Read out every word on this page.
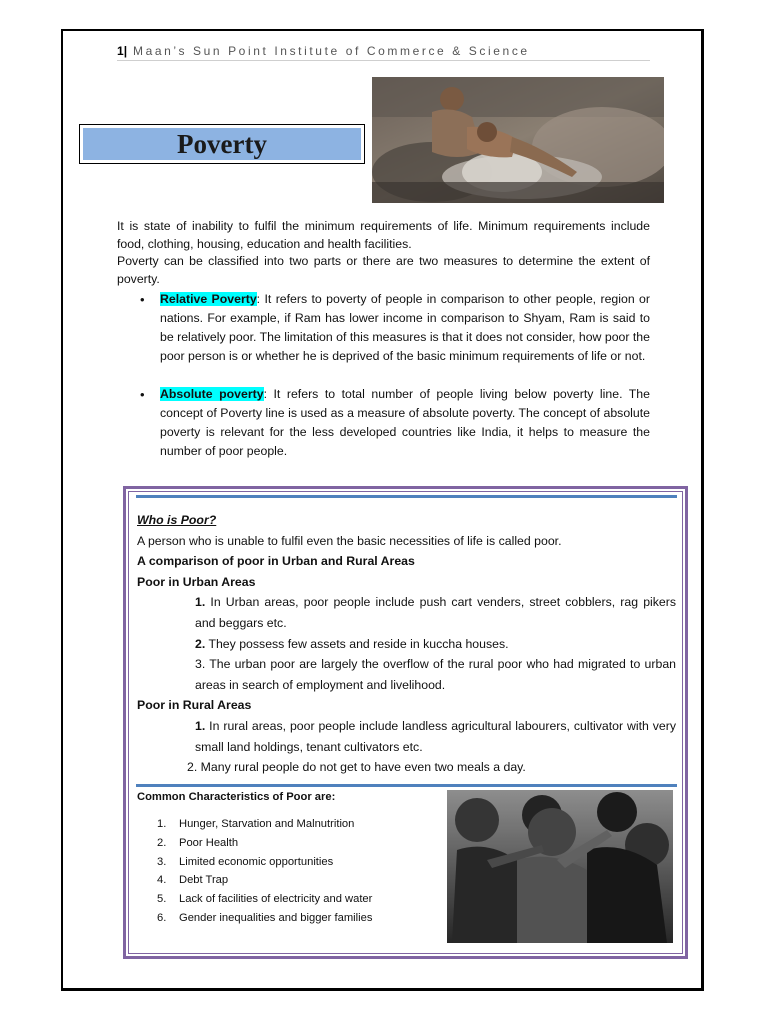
1| Maan’s Sun Point Institute of Commerce & Science
Poverty

It is state of inability to fulfil the minimum requirements of life. Minimum requirements include food, clothing, housing, education and health facilities.

Poverty can be classified into two parts or there are two measures to determine the extent of poverty.

• Relative Poverty: It refers to poverty of people in comparison to other people, region or nations. For example, if Ram has lower income in comparison to Shyam, Ram is said to be relatively poor. The limitation of this measures is that it does not consider, how poor the poor person is or whether he is deprived of the basic minimum requirements of life or not.
• Absolute poverty: It refers to total number of people living below poverty line. The concept of Poverty line is used as a measure of absolute poverty. The concept of absolute poverty is relevant for the less developed countries like India, it helps to measure the number of poor people.

Who is Poor?

A person who is unable to fulfil even the basic necessities of life is called poor.

A comparison of poor in Urban and Rural Areas

Poor in Urban Areas

1. In Urban areas, poor people include push cart venders, street cobblers, rag pikers and beggars etc.
2. They possess few assets and reside in kuccha houses.
3. The urban poor are largely the overflow of the rural poor who had migrated to urban areas in search of employment and livelihood.

Poor in Rural Areas

1. In rural areas, poor people include landless agricultural labourers, cultivator with very small land holdings, tenant cultivators etc.
2. Many rural people do not get to have even two meals a day.

Common Characteristics of Poor are:

1. Hunger, Starvation and Malnutrition
2. Poor Health
3. Limited economic opportunities
4. Debt Trap
5. Lack of facilities of electricity and water
6. Gender inequalities and bigger families
